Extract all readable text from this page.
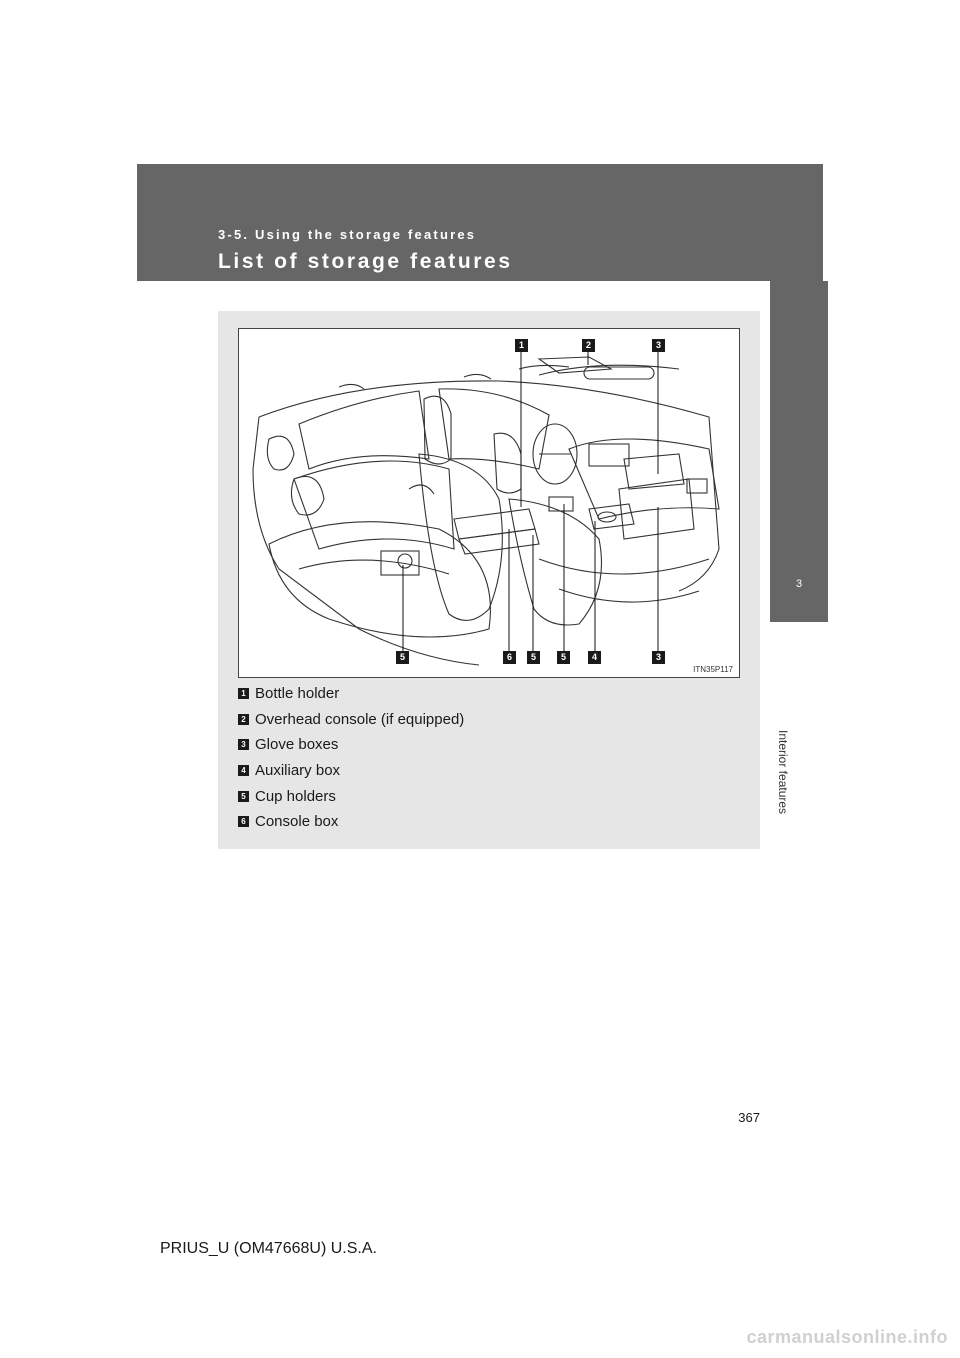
3-5. Using the storage features
List of storage features
3
Interior features
1	2	3
5	6	5	5	4	3
ITN35P117
1 Bottle holder
2 Overhead console (if equipped)
3 Glove boxes
4 Auxiliary box
5 Cup holders
6 Console box
367
PRIUS_U (OM47668U) U.S.A.
carmanualsonline.info
